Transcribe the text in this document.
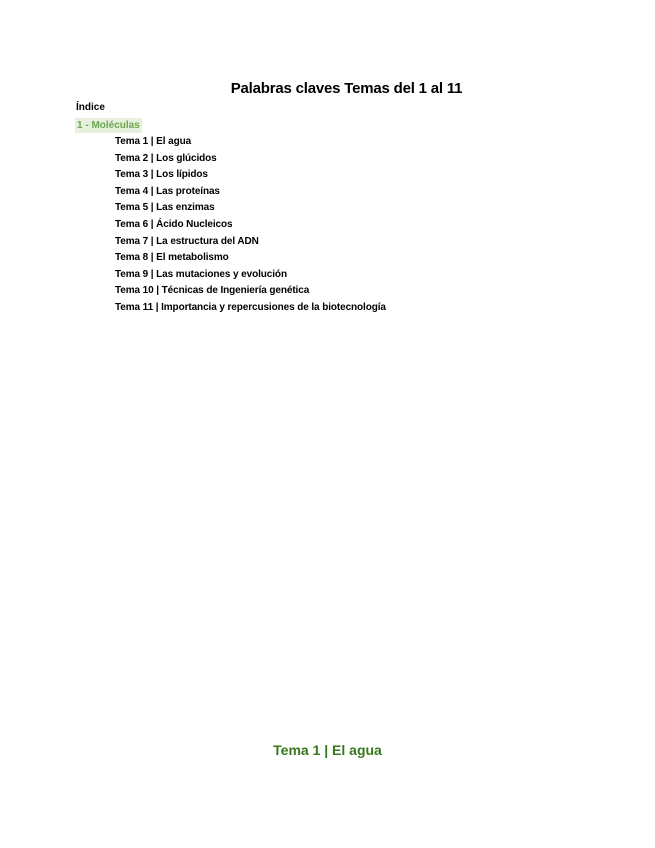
Palabras claves Temas del 1 al 11
Índice
1 - Moléculas
Tema 1 | El agua
Tema 2 | Los glúcidos
Tema 3 | Los lípidos
Tema 4 | Las proteínas
Tema 5 | Las enzimas
Tema 6 | Ácido Nucleicos
Tema 7 | La estructura del ADN
Tema 8 | El metabolismo
Tema 9 | Las mutaciones y evolución
Tema 10 | Técnicas de Ingeniería genética
Tema 11 | Importancia y repercusiones de la biotecnología
Tema 1 | El agua
